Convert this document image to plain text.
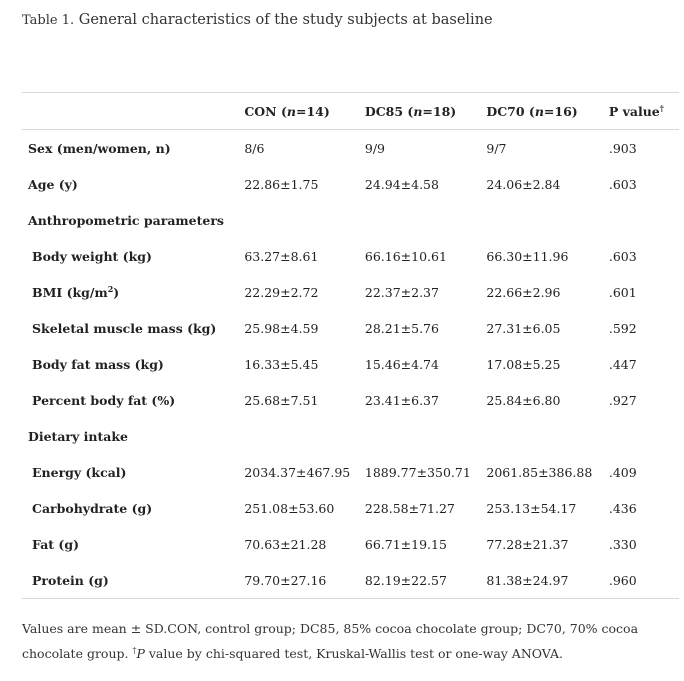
Table 1. General characteristics of the study subjects at baseline
	CON (n=14)	DC85 (n=18)	DC70 (n=16)	P value†
Sex (men/women, n)	8/6	9/9	9/7	.903
Age (y)	22.86±1.75	24.94±4.58	24.06±2.84	.603
Anthropometric parameters				
Body weight (kg)	63.27±8.61	66.16±10.61	66.30±11.96	.603
BMI $(kg/m^2)$	22.29±2.72	22.37±2.37	22.66±2.96	.601
Skeletal muscle mass (kg)	25.98±4.59	28.21±5.76	27.31±6.05	.592
Body fat mass (kg)	16.33±5.45	15.46±4.74	17.08±5.25	.447
Percent body fat (%)	25.68±7.51	23.41±6.37	25.84±6.80	.927
Dietary intake				
Energy (kcal)	2034.37±467.95	1889.77±350.71	2061.85±386.88	.409
Carbohydrate (g)	251.08±53.60	228.58±71.27	253.13±54.17	.436
Fat (g)	70.63±21.28	66.71±19.15	77.28±21.37	.330
Protein (g)	79.70±27.16	82.19±22.57	81.38±24.97	.960
Values are mean ± SD.CON, control group; DC85, 85% cocoa chocolate group; DC70, 70% cocoa chocolate group. †P value by chi-squared test, Kruskal-Wallis test or one-way ANOVA.
